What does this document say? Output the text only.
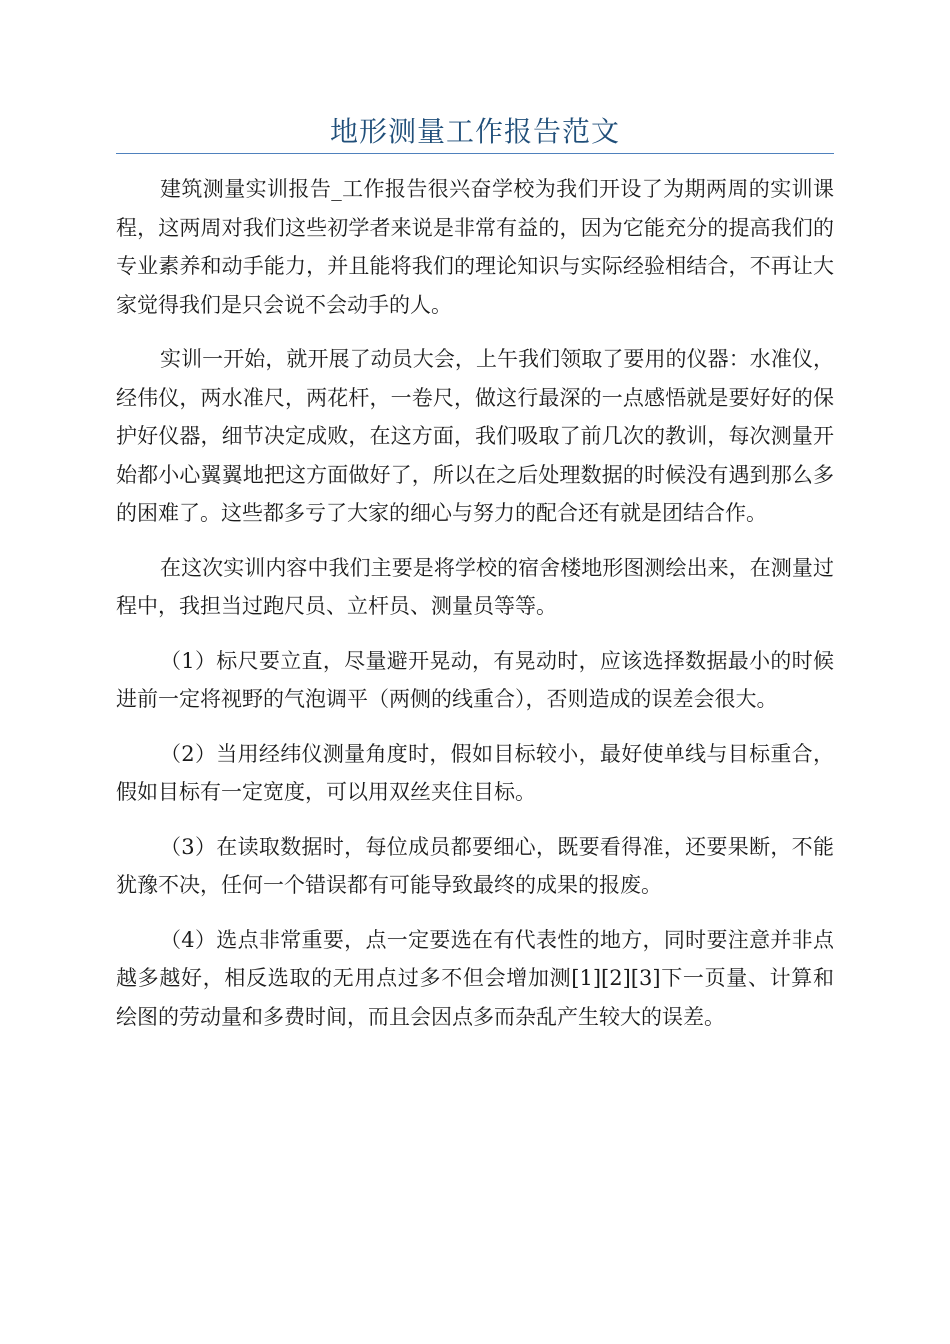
地形测量工作报告范文

建筑测量实训报告_工作报告很兴奋学校为我们开设了为期两周的实训课程，这两周对我们这些初学者来说是非常有益的，因为它能充分的提高我们的专业素养和动手能力，并且能将我们的理论知识与实际经验相结合，不再让大家觉得我们是只会说不会动手的人。

实训一开始，就开展了动员大会，上午我们领取了要用的仪器：水准仪，经伟仪，两水准尺，两花杆，一卷尺，做这行最深的一点感悟就是要好好的保护好仪器，细节决定成败，在这方面，我们吸取了前几次的教训，每次测量开始都小心翼翼地把这方面做好了，所以在之后处理数据的时候没有遇到那么多的困难了。这些都多亏了大家的细心与努力的配合还有就是团结合作。

在这次实训内容中我们主要是将学校的宿舍楼地形图测绘出来，在测量过程中，我担当过跑尺员、立杆员、测量员等等。

（1）标尺要立直，尽量避开晃动，有晃动时，应该选择数据最小的时候进前一定将视野的气泡调平（两侧的线重合），否则造成的误差会很大。

（2）当用经纬仪测量角度时，假如目标较小，最好使单线与目标重合，假如目标有一定宽度，可以用双丝夹住目标。

（3）在读取数据时，每位成员都要细心，既要看得准，还要果断，不能犹豫不决，任何一个错误都有可能导致最终的成果的报废。

（4）选点非常重要，点一定要选在有代表性的地方，同时要注意并非点越多越好，相反选取的无用点过多不但会增加测[1][2][3]下一页量、计算和绘图的劳动量和多费时间，而且会因点多而杂乱产生较大的误差。
